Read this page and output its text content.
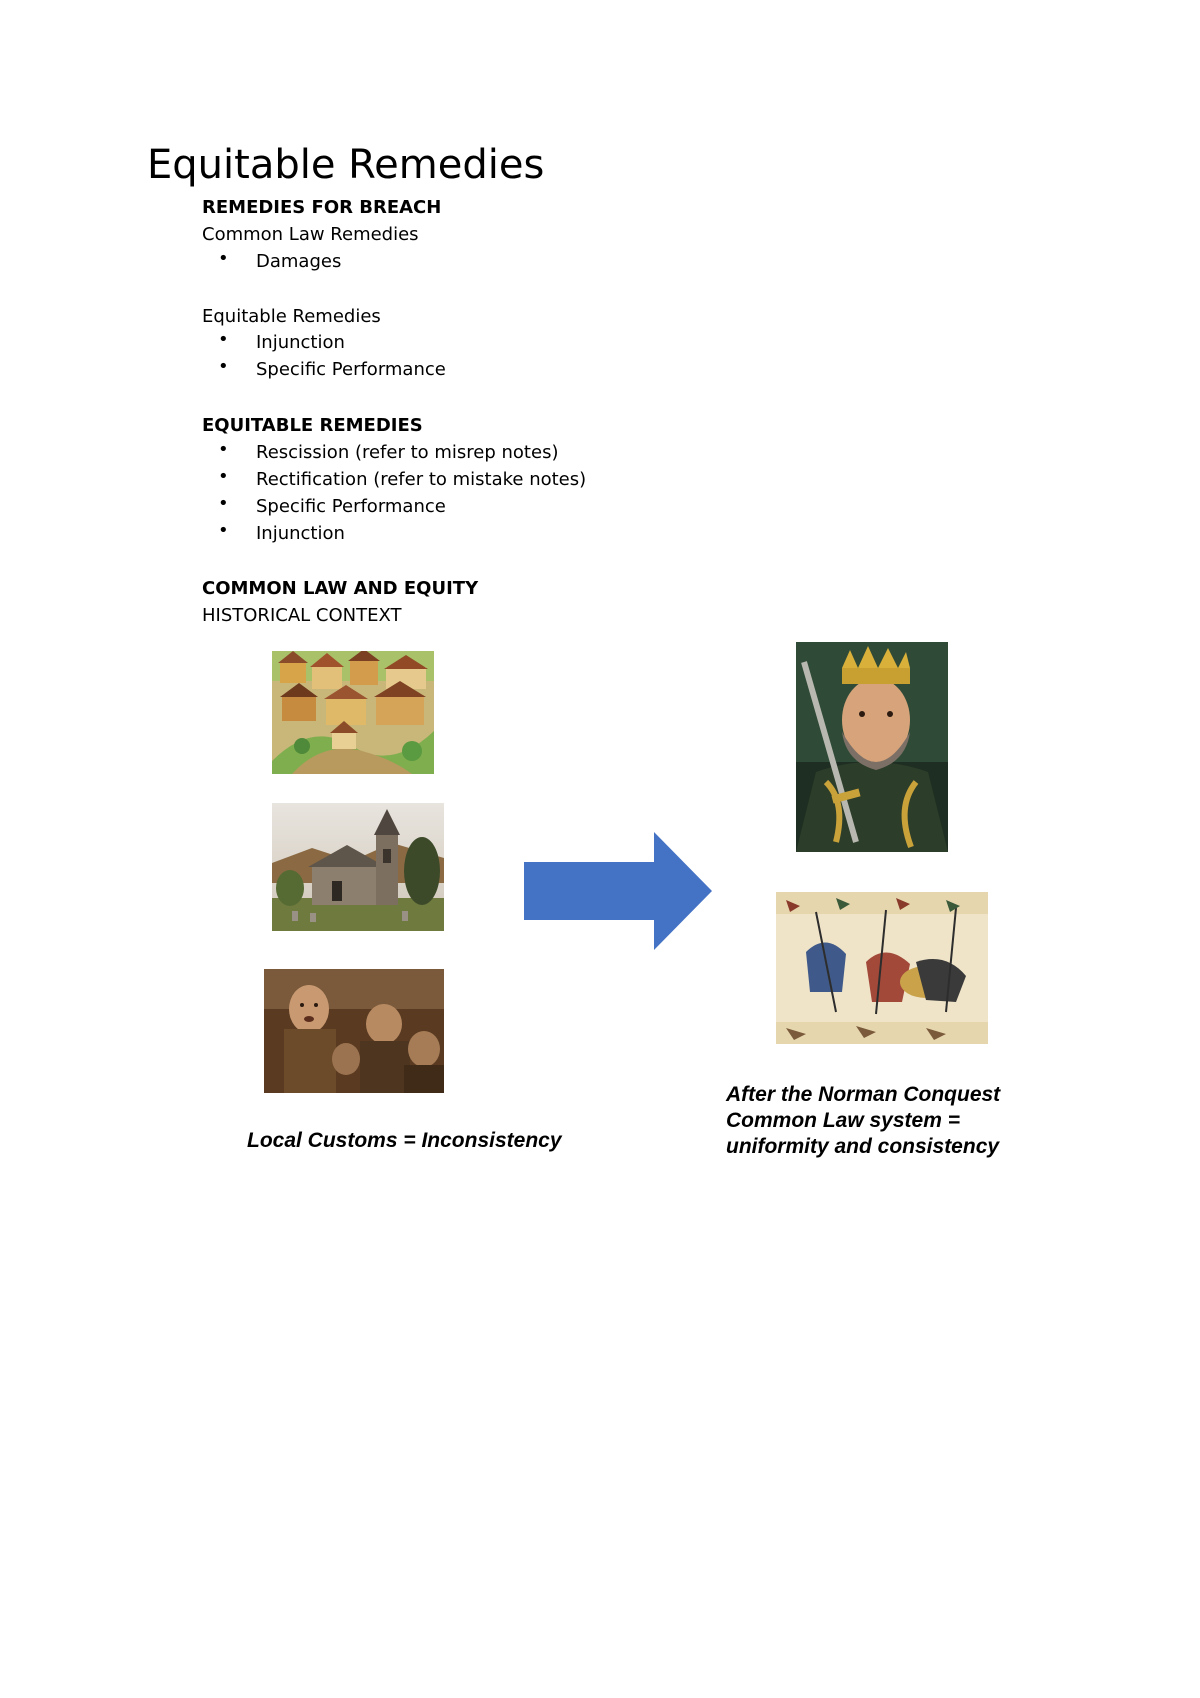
Equitable Remedies
REMEDIES FOR BREACH
Common Law Remedies
• Damages
Equitable Remedies
• Injunction
• Specific Performance
EQUITABLE REMEDIES
• Rescission (refer to misrep notes)
• Rectification (refer to mistake notes)
• Specific Performance
• Injunction
COMMON LAW AND EQUITY
HISTORICAL CONTEXT
Local Customs = Inconsistency
After the Norman Conquest
Common Law system =
uniformity and consistency
